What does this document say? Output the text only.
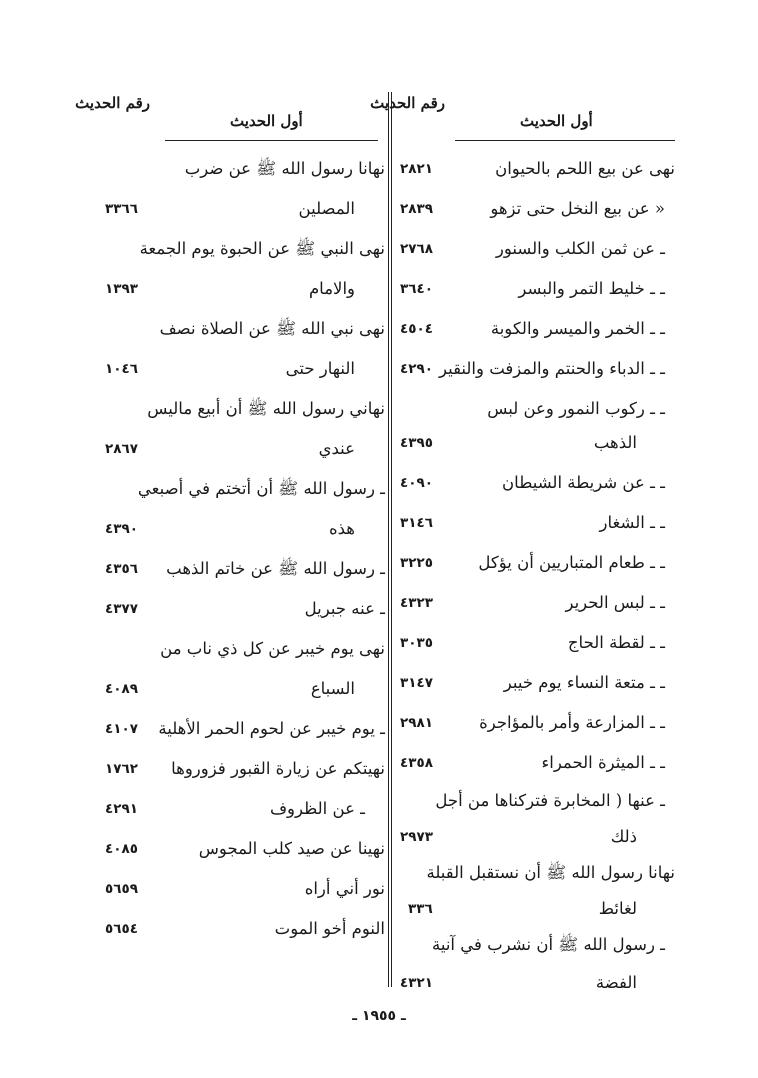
رقم الحديث
أول الحديث
رقم الحديث
أول الحديث
نهانا رسول الله ﷺ عن ضرب
المصلين
٣٣٦٦
نهى النبي ﷺ عن الحبوة يوم الجمعة
والامام
١٣٩٣
نهى نبي الله ﷺ عن الصلاة نصف
النهار حتى
١٠٤٦
نهاني رسول الله ﷺ أن أبيع ماليس
عندي
٢٨٦٧
ـ رسول الله ﷺ أن أتختم في أصبعي
هذه
٤٣٩٠
ـ رسول الله ﷺ عن خاتم الذهب
٤٣٥٦
ـ عنه جبريل
٤٣٧٧
نهى يوم خيبر عن كل ذي ناب من
السباع
٤٠٨٩
ـ يوم خيبر عن لحوم الحمر الأهلية
٤١٠٧
نهيتكم عن زيارة القبور فزوروها
١٧٦٢
ـ عن الظروف
٤٢٩١
نهينا عن صيد كلب المجوس
٤٠٨٥
نور أني أراه
٥٦٥٩
النوم أخو الموت
٥٦٥٤
نهى عن بيع اللحم بالحيوان
٢٨٢١
« عن بيع النخل حتى تزهو
٢٨٣٩
ـ عن ثمن الكلب والسنور
٢٧٦٨
ـ ـ خليط التمر والبسر
٣٦٤٠
ـ ـ الخمر والميسر والكوبة
٤٥٠٤
ـ ـ الدباء والحنتم والمزفت والنقير
٤٢٩٠
ـ ـ ركوب النمور وعن لبس
الذهب
٤٣٩٥
ـ ـ عن شريطة الشيطان
٤٠٩٠
ـ ـ الشغار
٣١٤٦
ـ ـ طعام المتباريين أن يؤكل
٣٢٢٥
ـ ـ لبس الحرير
٤٣٢٣
ـ ـ لقطة الحاج
٣٠٣٥
ـ ـ متعة النساء يوم خيبر
٣١٤٧
ـ ـ المزارعة وأمر بالمؤاجرة
٢٩٨١
ـ ـ الميثرة الحمراء
٤٣٥٨
ـ عنها ( المخابرة فتركناها من أجل
ذلك
٢٩٧٣
نهانا رسول الله ﷺ أن نستقبل القبلة
لغائط
٣٣٦
ـ رسول الله ﷺ أن نشرب في آنية
الفضة
٤٣٢١
ـ ١٩٥٥ ـ
